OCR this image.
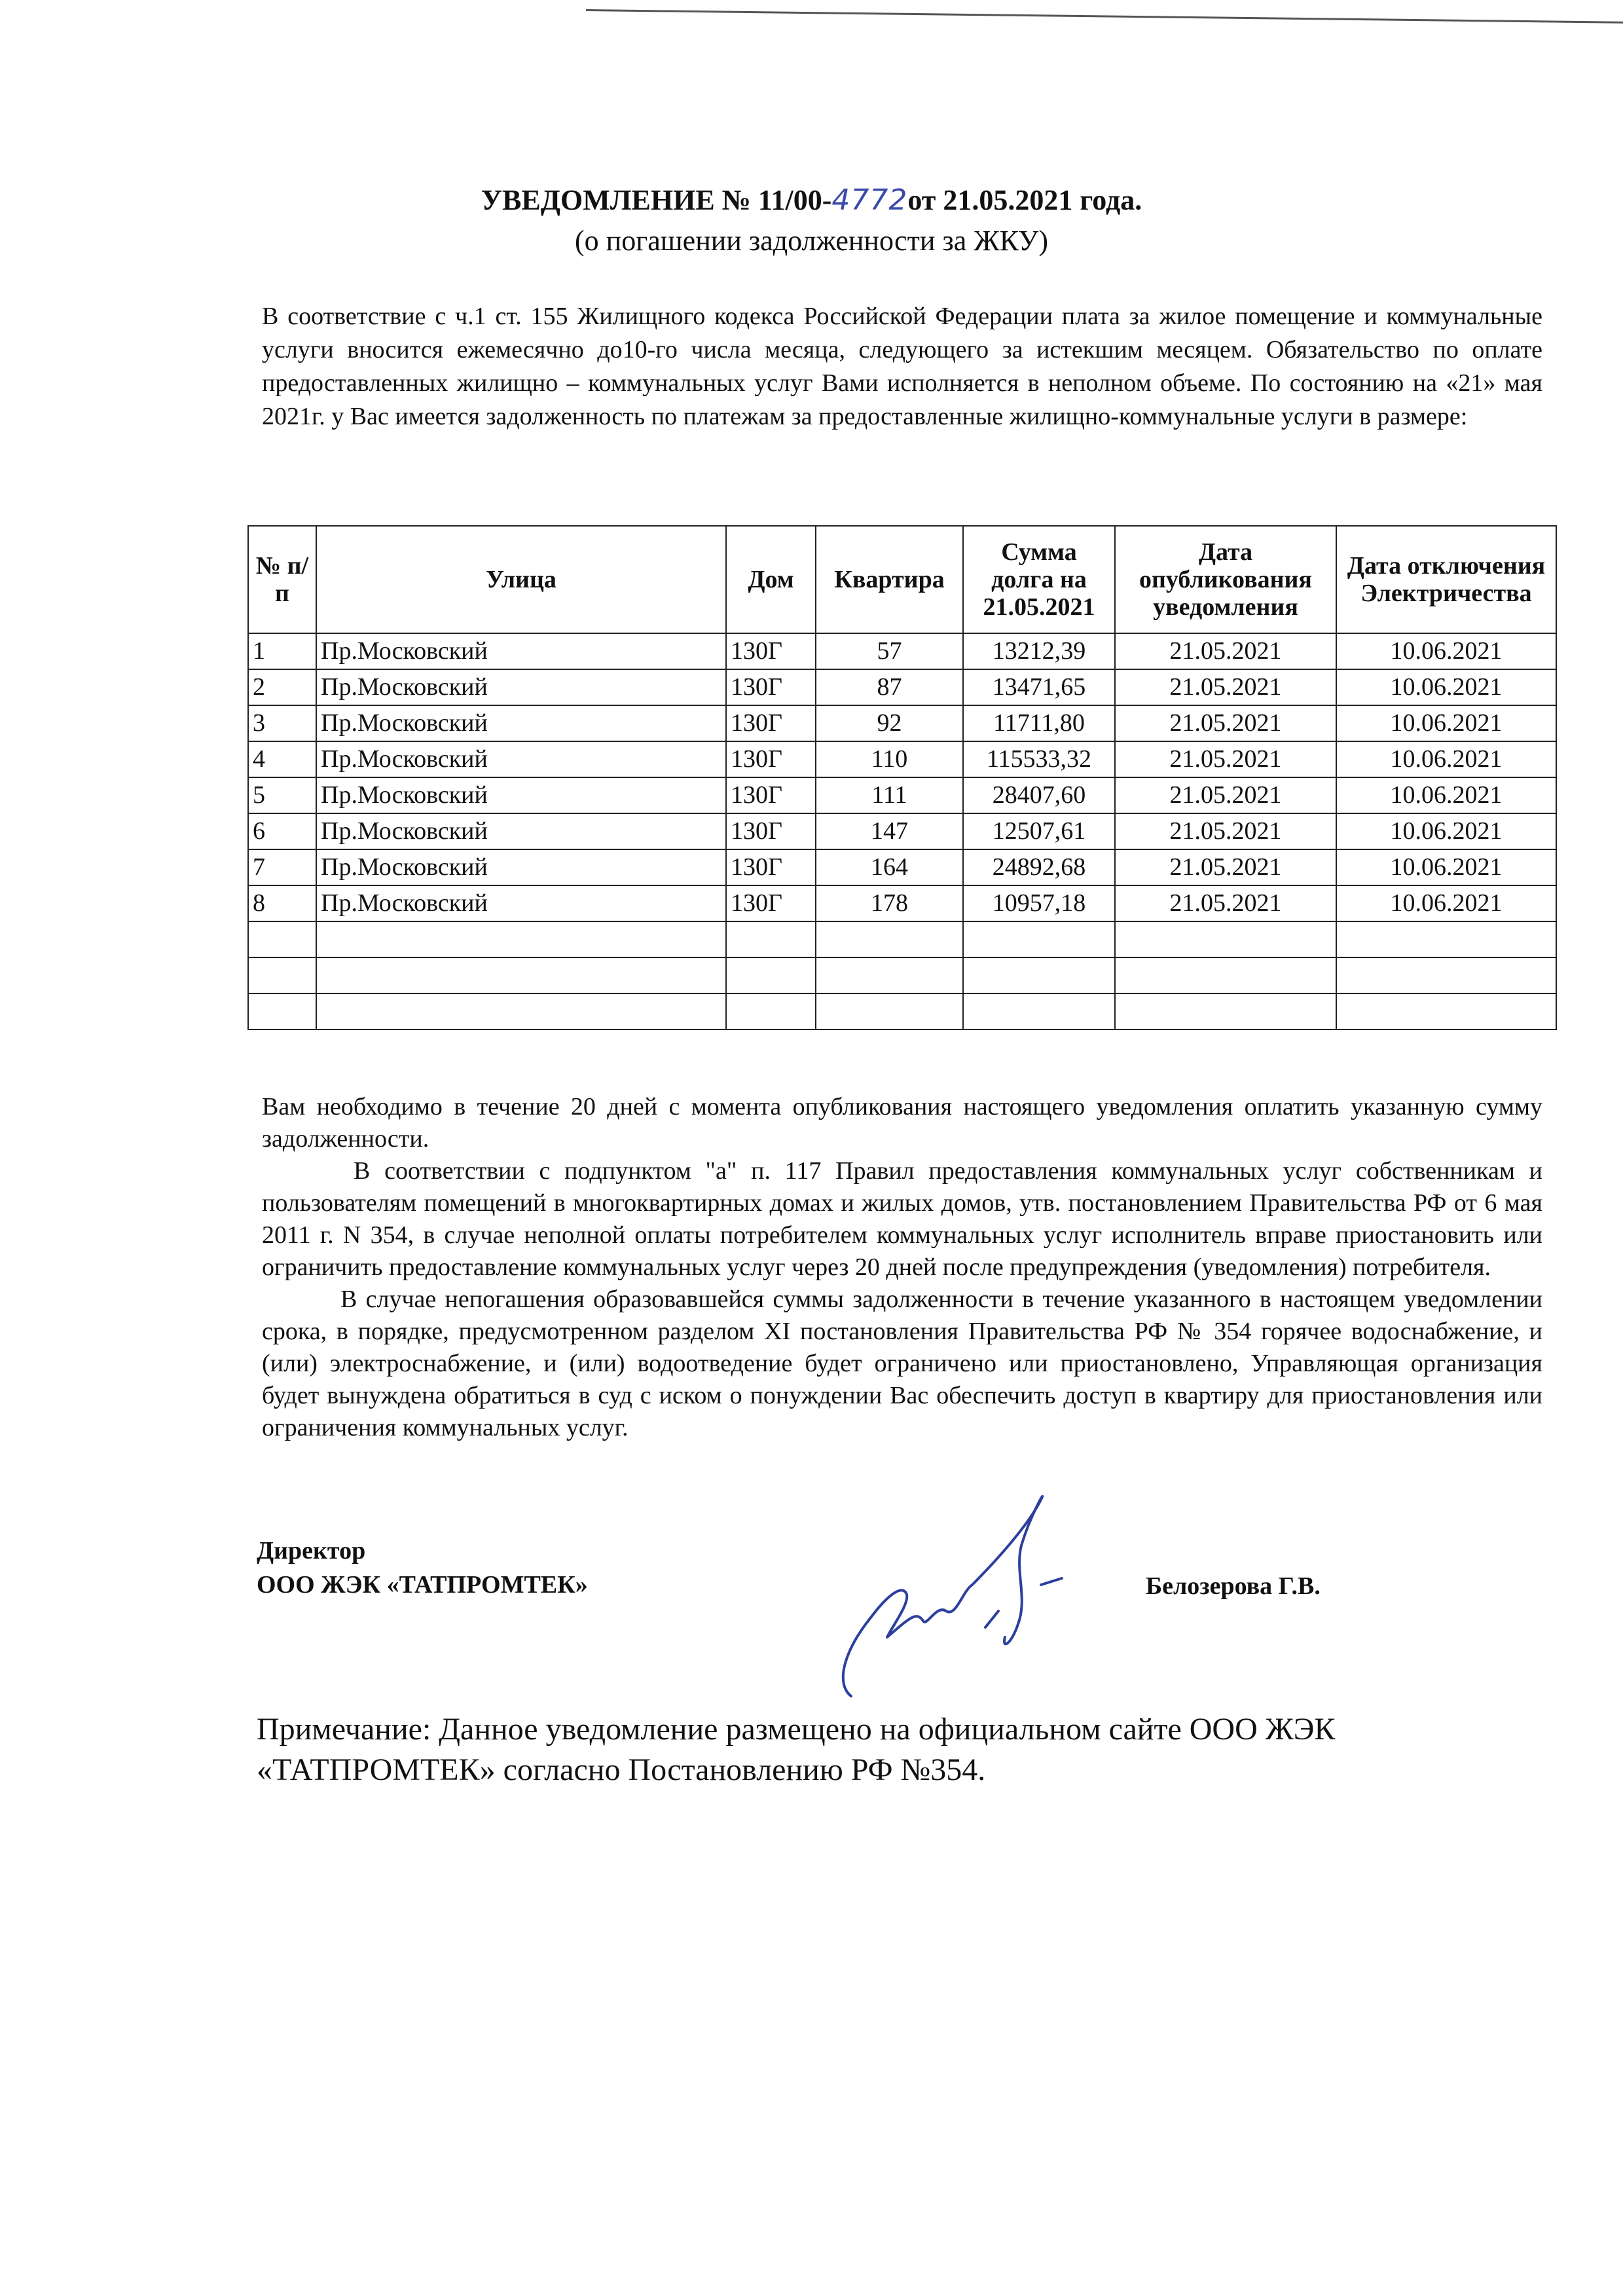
УВЕДОМЛЕНИЕ № 11/00-4772от 21.05.2021 года.
(о погашении задолженности за ЖКУ)
В соответствие с ч.1 ст. 155 Жилищного кодекса Российской Федерации плата за жилое помещение и коммунальные услуги вносится ежемесячно до10-го числа месяца, следующего за истекшим месяцем. Обязательство по оплате предоставленных жилищно – коммунальных услуг Вами исполняется в неполном объеме. По состоянию на «21» мая 2021г. у Вас имеется задолженность по платежам за предоставленные жилищно-коммунальные услуги в размере:
№ п/п	Улица	Дом	Квартира	Сумма долга на 21.05.2021	Дата опубликования уведомления	Дата отключения Электричества
1	Пр.Московский	130Г	57	13212,39	21.05.2021	10.06.2021
2	Пр.Московский	130Г	87	13471,65	21.05.2021	10.06.2021
3	Пр.Московский	130Г	92	11711,80	21.05.2021	10.06.2021
4	Пр.Московский	130Г	110	115533,32	21.05.2021	10.06.2021
5	Пр.Московский	130Г	111	28407,60	21.05.2021	10.06.2021
6	Пр.Московский	130Г	147	12507,61	21.05.2021	10.06.2021
7	Пр.Московский	130Г	164	24892,68	21.05.2021	10.06.2021
8	Пр.Московский	130Г	178	10957,18	21.05.2021	10.06.2021

Вам необходимо в течение 20 дней с момента опубликования настоящего уведомления оплатить указанную сумму задолженности.

В соответствии с подпунктом "а" п. 117 Правил предоставления коммунальных услуг собственникам и пользователям помещений в многоквартирных домах и жилых домов, утв. постановлением Правительства РФ от 6 мая 2011 г. N 354, в случае неполной оплаты потребителем коммунальных услуг исполнитель вправе приостановить или ограничить предоставление коммунальных услуг через 20 дней после предупреждения (уведомления) потребителя.

В случае непогашения образовавшейся суммы задолженности в течение указанного в настоящем уведомлении срока, в порядке, предусмотренном разделом XI постановления Правительства РФ № 354 горячее водоснабжение, и (или) электроснабжение, и (или) водоотведение будет ограничено или приостановлено, Управляющая организация будет вынуждена обратиться в суд с иском о понуждении Вас обеспечить доступ в квартиру для приостановления или ограничения коммунальных услуг.

Директор
ООО ЖЭК «ТАТПРОМТЕК»	Белозерова Г.В.
Примечание: Данное уведомление размещено на официальном сайте ООО ЖЭК «ТАТПРОМТЕК» согласно Постановлению РФ №354.
